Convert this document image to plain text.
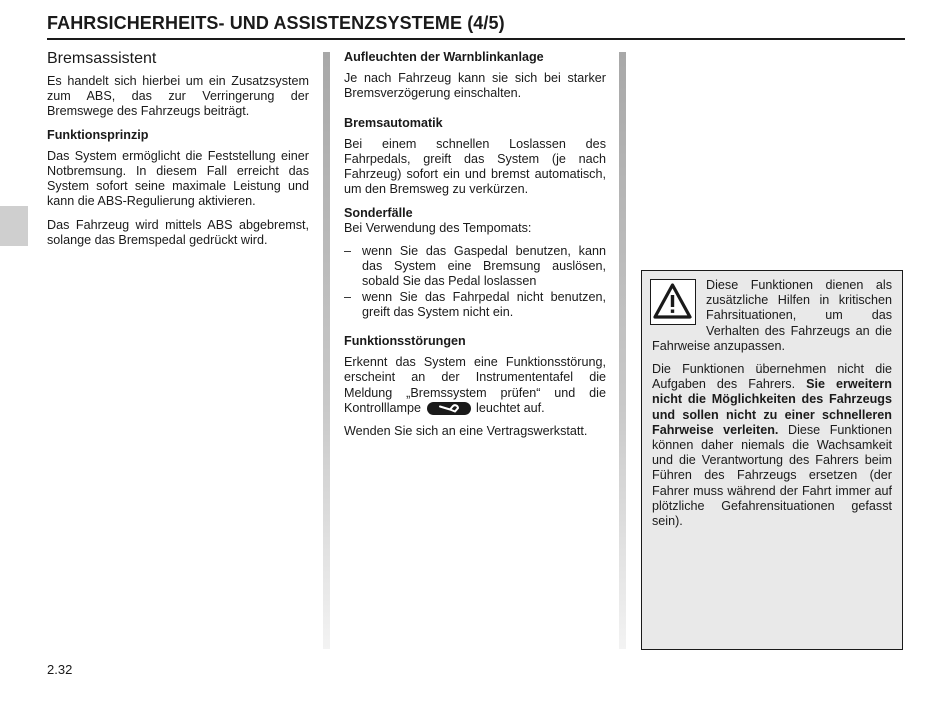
FAHRSICHERHEITS- UND ASSISTENZSYSTEME (4/5)
Bremsassistent

Es handelt sich hierbei um ein Zusatzsystem zum ABS, das zur Verringerung der Bremswege des Fahrzeugs beiträgt.

Funktionsprinzip

Das System ermöglicht die Feststellung einer Notbremsung. In diesem Fall erreicht das System sofort seine maximale Leistung und kann die ABS-Regulierung aktivieren.

Das Fahrzeug wird mittels ABS abgebremst, solange das Bremspedal gedrückt wird.

Aufleuchten der Warnblinkanlage

Je nach Fahrzeug kann sie sich bei starker Bremsverzögerung einschalten.

Bremsautomatik

Bei einem schnellen Loslassen des Fahrpedals, greift das System (je nach Fahrzeug) sofort ein und bremst automatisch, um den Bremsweg zu verkürzen.

Sonderfälle

Bei Verwendung des Tempomats:

– wenn Sie das Gaspedal benutzen, kann das System eine Bremsung auslösen, sobald Sie das Pedal loslassen
– wenn Sie das Fahrpedal nicht benutzen, greift das System nicht ein.
Funktionsstörungen

Erkennt das System eine Funktionsstörung, erscheint an der Instrumententafel die Meldung „Bremssystem prüfen“ und die Kontrolllampe	leuchtet auf.

Wenden Sie sich an eine Vertragswerkstatt.

Diese Funktionen dienen als zusätzliche Hilfen in kritischen Fahrsituationen, um das Verhalten des Fahrzeugs an die Fahrweise anzupassen.

Die Funktionen übernehmen nicht die Aufgaben des Fahrers. Sie erweitern nicht die Möglichkeiten des Fahrzeugs und sollen nicht zu einer schnelleren Fahrweise verleiten. Diese Funktionen können daher niemals die Wachsamkeit und die Verantwortung des Fahrers beim Führen des Fahrzeugs ersetzen (der Fahrer muss während der Fahrt immer auf plötzliche Gefahrensituationen gefasst sein).

2.32
